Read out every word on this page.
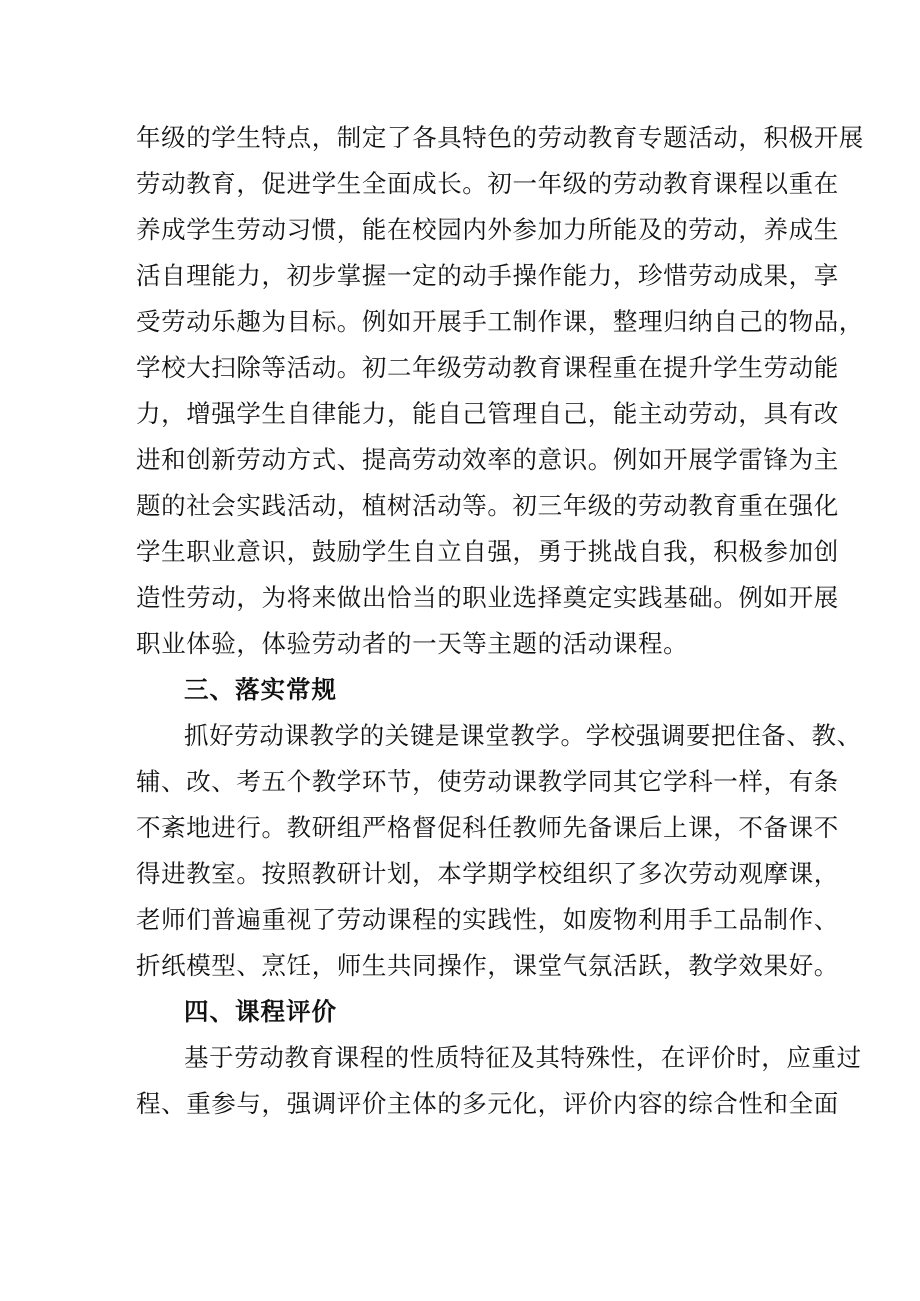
年级的学生特点，制定了各具特色的劳动教育专题活动，积极开展
劳动教育，促进学生全面成长。初一年级的劳动教育课程以重在
养成学生劳动习惯，能在校园内外参加力所能及的劳动，养成生
活自理能力，初步掌握一定的动手操作能力，珍惜劳动成果，享
受劳动乐趣为目标。例如开展手工制作课，整理归纳自己的物品，
学校大扫除等活动。初二年级劳动教育课程重在提升学生劳动能
力，增强学生自律能力，能自己管理自己，能主动劳动，具有改
进和创新劳动方式、提高劳动效率的意识。例如开展学雷锋为主
题的社会实践活动，植树活动等。初三年级的劳动教育重在强化
学生职业意识，鼓励学生自立自强，勇于挑战自我，积极参加创
造性劳动，为将来做出恰当的职业选择奠定实践基础。例如开展
职业体验，体验劳动者的一天等主题的活动课程。
三、落实常规
抓好劳动课教学的关键是课堂教学。学校强调要把住备、教、
辅、改、考五个教学环节，使劳动课教学同其它学科一样，有条
不紊地进行。教研组严格督促科任教师先备课后上课，不备课不
得进教室。按照教研计划，本学期学校组织了多次劳动观摩课，
老师们普遍重视了劳动课程的实践性，如废物利用手工品制作、
折纸模型、烹饪，师生共同操作，课堂气氛活跃，教学效果好。
四、课程评价
基于劳动教育课程的性质特征及其特殊性，在评价时，应重过
程、重参与，强调评价主体的多元化，评价内容的综合性和全面
